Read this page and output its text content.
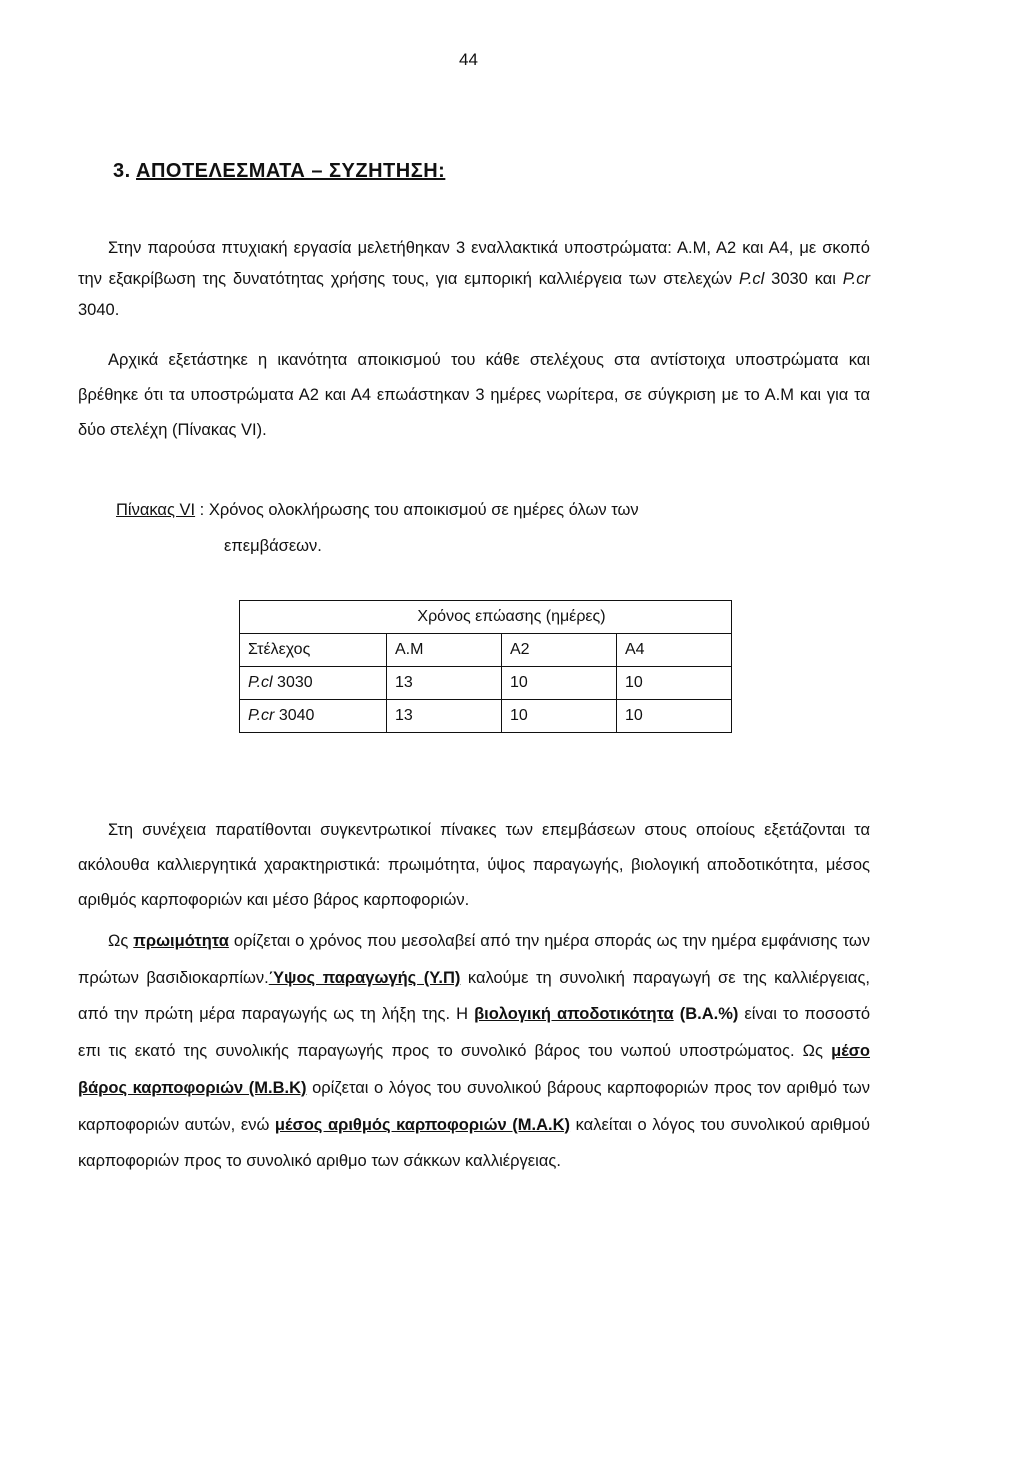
44
3. ΑΠΟΤΕΛΕΣΜΑΤΑ – ΣΥΖΗΤΗΣΗ:
Στην παρούσα πτυχιακή εργασία μελετήθηκαν 3 εναλλακτικά υποστρώματα: Α.Μ, Α2 και Α4, με σκοπό την εξακρίβωση της δυνατότητας χρήσης τους, για εμπορική καλλιέργεια των στελεχών P.cl 3030 και P.cr 3040.
Αρχικά εξετάστηκε η ικανότητα αποικισμού του κάθε στελέχους στα αντίστοιχα υποστρώματα και βρέθηκε ότι τα υποστρώματα Α2 και Α4 επωάστηκαν 3 ημέρες νωρίτερα, σε σύγκριση με το Α.Μ και για τα δύο στελέχη (Πίνακας VI).
Πίνακας VI : Χρόνος ολοκλήρωσης του αποικισμού σε ημέρες όλων των
επεμβάσεων.
Χρόνος επώασης (ημέρες)			
Στέλεχος	Α.Μ	Α2	Α4
P.cl 3030	13	10	10
P.cr 3040	13	10	10
Στη συνέχεια παρατίθονται συγκεντρωτικοί πίνακες των επεμβάσεων στους οποίους εξετάζονται τα ακόλουθα καλλιεργητικά χαρακτηριστικά: πρωιμότητα, ύψος παραγωγής, βιολογική αποδοτικότητα, μέσος αριθμός καρποφοριών και μέσο βάρος καρποφοριών.
Ως πρωιμότητα ορίζεται ο χρόνος που μεσολαβεί από την ημέρα σποράς ως την ημέρα εμφάνισης των πρώτων βασιδιοκαρπίων.Ύψος παραγωγής (Υ.Π) καλούμε τη συνολική παραγωγή σε της καλλιέργειας, από την πρώτη μέρα παραγωγής ως τη λήξη της. Η βιολογική αποδοτικότητα (Β.Α.%) είναι το ποσοστό επι τις εκατό της συνολικής παραγωγής προς το συνολικό βάρος του νωπού υποστρώματος. Ως μέσο βάρος καρποφοριών (Μ.Β.Κ) ορίζεται ο λόγος του συνολικού βάρους καρποφοριών προς τον αριθμό των καρποφοριών αυτών, ενώ μέσος αριθμός καρποφοριών (Μ.Α.Κ) καλείται ο λόγος του συνολικού αριθμού καρποφοριών προς το συνολικό αριθμο των σάκκων καλλιέργειας.
